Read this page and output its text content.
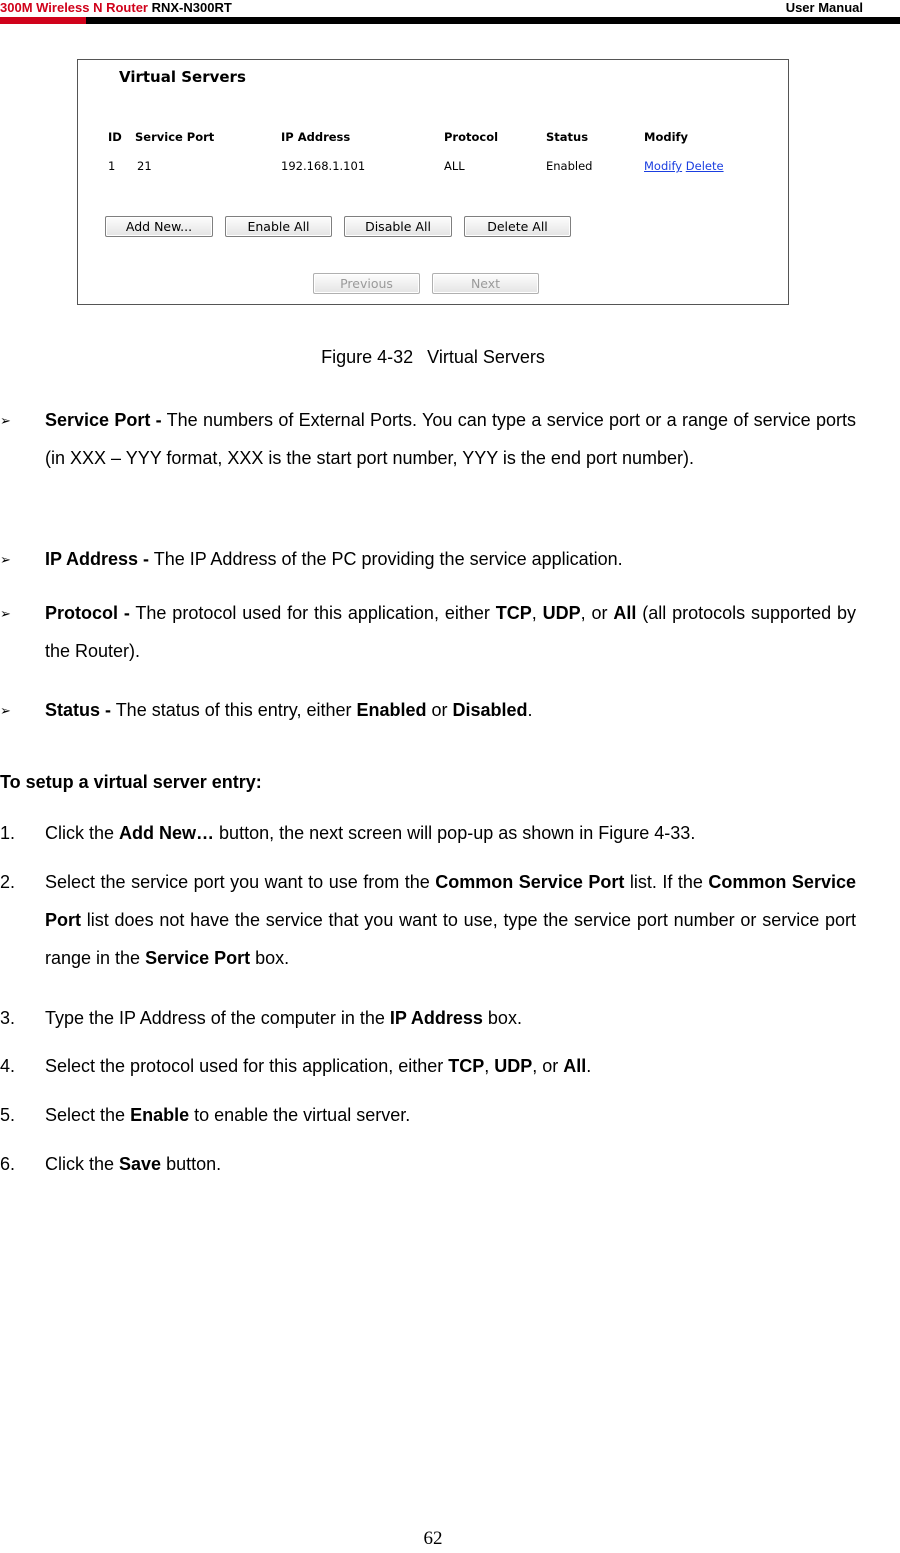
300M Wireless N Router RNX-N300RT	User Manual
Virtual Servers
ID Service Port	IP Address	Protocol	Status	Modify
1 21	192.168.1.101	ALL	Enabled	Modify Delete
Add New...	Enable All	Disable All	Delete All
Previous	Next
Figure 4-32 Virtual Servers
➢ Service Port - The numbers of External Ports. You can type a service port or a range of service ports (in XXX – YYY format, XXX is the start port number, YYY is the end port number).
➢ IP Address - The IP Address of the PC providing the service application.
➢ Protocol - The protocol used for this application, either TCP, UDP, or All (all protocols supported by the Router).
➢ Status - The status of this entry, either Enabled or Disabled.
To setup a virtual server entry:
1. Click the Add New… button, the next screen will pop-up as shown in Figure 4-33.
2. Select the service port you want to use from the Common Service Port list. If the Common Service Port list does not have the service that you want to use, type the service port number or service port range in the Service Port box.
3. Type the IP Address of the computer in the IP Address box.
4. Select the protocol used for this application, either TCP, UDP, or All.
5. Select the Enable to enable the virtual server.
6. Click the Save button.
62
